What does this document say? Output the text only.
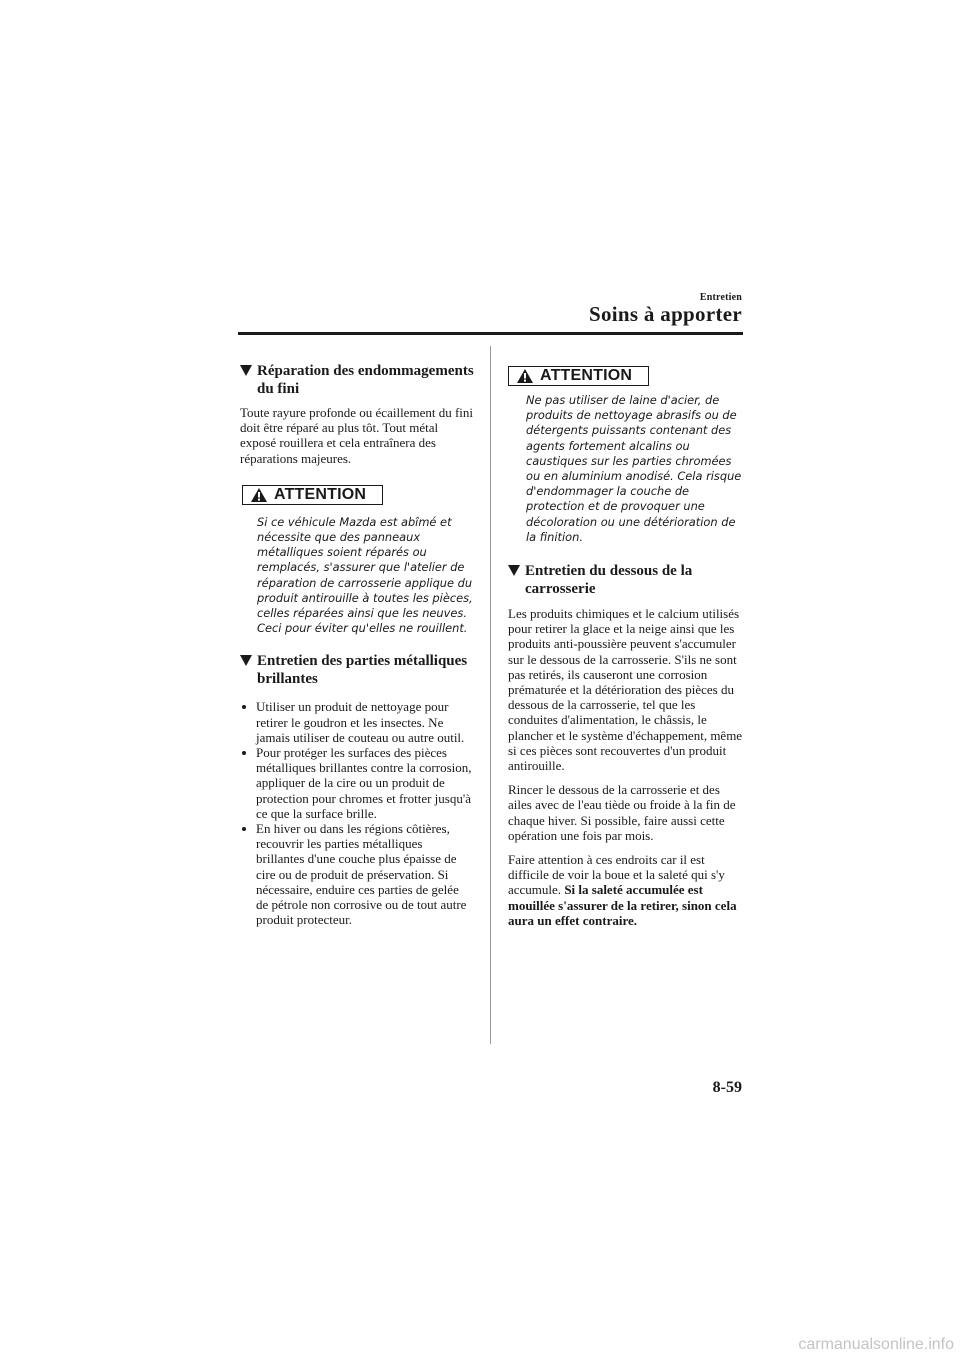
Entretien
Soins à apporter
Réparation des endommagements du fini

Toute rayure profonde ou écaillement du fini doit être réparé au plus tôt. Tout métal exposé rouillera et cela entraînera des réparations majeures.

ATTENTION

Si ce véhicule Mazda est abîmé et nécessite que des panneaux métalliques soient réparés ou remplacés, s'assurer que l'atelier de réparation de carrosserie applique du produit antirouille à toutes les pièces, celles réparées ainsi que les neuves. Ceci pour éviter qu'elles ne rouillent.

Entretien des parties métalliques brillantes
Utiliser un produit de nettoyage pour retirer le goudron et les insectes. Ne jamais utiliser de couteau ou autre outil.
Pour protéger les surfaces des pièces métalliques brillantes contre la corrosion, appliquer de la cire ou un produit de protection pour chromes et frotter jusqu'à ce que la surface brille.
En hiver ou dans les régions côtières, recouvrir les parties métalliques brillantes d'une couche plus épaisse de cire ou de produit de préservation. Si nécessaire, enduire ces parties de gelée de pétrole non corrosive ou de tout autre produit protecteur.
ATTENTION

Ne pas utiliser de laine d'acier, de produits de nettoyage abrasifs ou de détergents puissants contenant des agents fortement alcalins ou caustiques sur les parties chromées ou en aluminium anodisé. Cela risque d'endommager la couche de protection et de provoquer une décoloration ou une détérioration de la finition.

Entretien du dessous de la carrosserie

Les produits chimiques et le calcium utilisés pour retirer la glace et la neige ainsi que les produits anti-poussière peuvent s'accumuler sur le dessous de la carrosserie. S'ils ne sont pas retirés, ils causeront une corrosion prématurée et la détérioration des pièces du dessous de la carrosserie, tel que les conduites d'alimentation, le châssis, le plancher et le système d'échappement, même si ces pièces sont recouvertes d'un produit antirouille.

Rincer le dessous de la carrosserie et des ailes avec de l'eau tiède ou froide à la fin de chaque hiver. Si possible, faire aussi cette opération une fois par mois.

Faire attention à ces endroits car il est difficile de voir la boue et la saleté qui s'y accumule. Si la saleté accumulée est mouillée s'assurer de la retirer, sinon cela aura un effet contraire.

8-59
carmanualsonline.info
